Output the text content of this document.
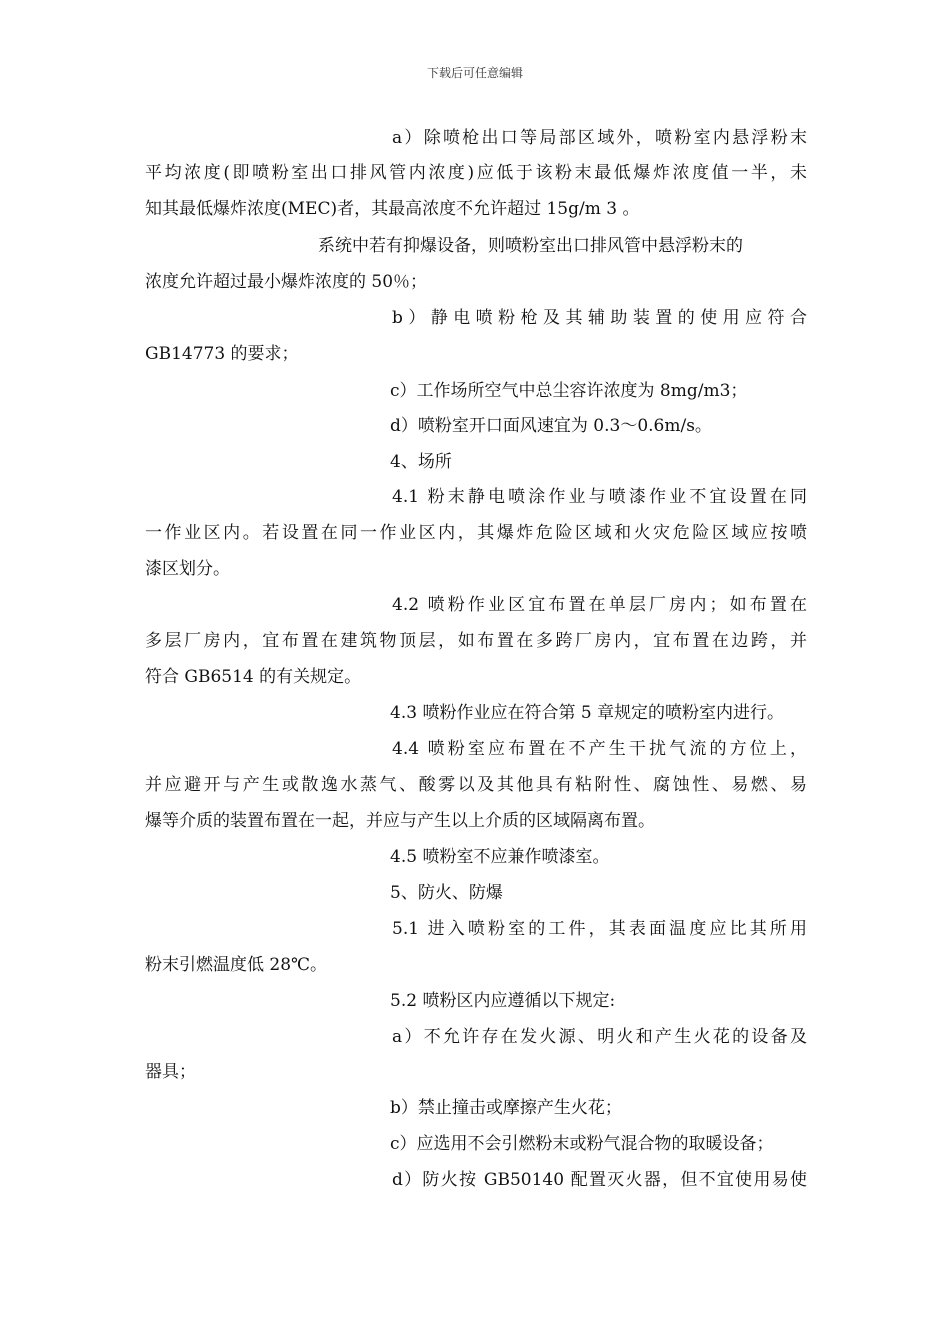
下载后可任意编辑
a）除喷枪出口等局部区域外，喷粉室内悬浮粉末
平均浓度(即喷粉室出口排风管内浓度)应低于该粉末最低爆炸浓度值一半，未
知其最低爆炸浓度(MEC)者，其最高浓度不允许超过 15g/m 3 。
系统中若有抑爆设备，则喷粉室出口排风管中悬浮粉末的
浓度允许超过最小爆炸浓度的 50％；
b）静电喷粉枪及其辅助装置的使用应符合
GB14773 的要求；
c）工作场所空气中总尘容许浓度为 8mg/m3；
d）喷粉室开口面风速宜为 0.3～0.6m/s。
4、场所
4.1 粉末静电喷涂作业与喷漆作业不宜设置在同
一作业区内。若设置在同一作业区内，其爆炸危险区域和火灾危险区域应按喷
漆区划分。
4.2 喷粉作业区宜布置在单层厂房内；如布置在
多层厂房内，宜布置在建筑物顶层，如布置在多跨厂房内，宜布置在边跨，并
符合 GB6514 的有关规定。
4.3 喷粉作业应在符合第 5 章规定的喷粉室内进行。
4.4 喷粉室应布置在不产生干扰气流的方位上，
并应避开与产生或散逸水蒸气、酸雾以及其他具有粘附性、腐蚀性、易燃、易
爆等介质的装置布置在一起，并应与产生以上介质的区域隔离布置。
4.5 喷粉室不应兼作喷漆室。
5、防火、防爆
5.1 进入喷粉室的工件，其表面温度应比其所用
粉末引燃温度低 28℃。
5.2 喷粉区内应遵循以下规定:
a）不允许存在发火源、明火和产生火花的设备及
器具；
b）禁止撞击或摩擦产生火花；
c）应选用不会引燃粉末或粉气混合物的取暖设备；
d）防火按 GB50140 配置灭火器，但不宜使用易使
